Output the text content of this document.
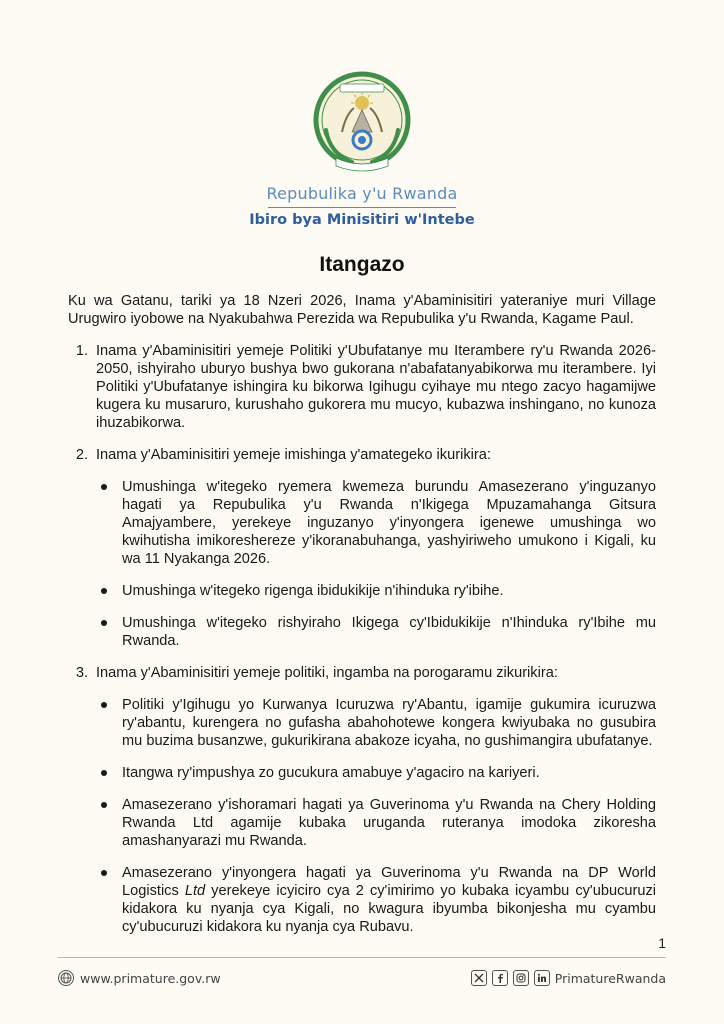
Repubulika y'u Rwanda
Ibiro bya Minisitiri w'Intebe
Itangazo

Ku wa Gatanu, tariki ya 18 Nzeri 2026, Inama y'Abaminisitiri yateraniye muri Village Urugwiro iyobowe na Nyakubahwa Perezida wa Repubulika y'u Rwanda, Kagame Paul.

1. Inama y'Abaminisitiri yemeje Politiki y'Ubufatanye mu Iterambere ry'u Rwanda 2026-2050, ishyiraho uburyo bushya bwo gukorana n'abafatanyabikorwa mu iterambere. Iyi Politiki y'Ubufatanye ishingira ku bikorwa Igihugu cyihaye mu ntego zacyo hagamijwe kugera ku musaruro, kurushaho gukorera mu mucyo, kubazwa inshingano, no kunoza ihuzabikorwa.
2. Inama y'Abaminisitiri yemeje imishinga y'amategeko ikurikira:
Umushinga w'itegeko ryemera kwemeza burundu Amasezerano y'inguzanyo hagati ya Repubulika y'u Rwanda n'Ikigega Mpuzamahanga Gitsura Amajyambere, yerekeye inguzanyo y'inyongera igenewe umushinga wo kwihutisha imikoreshereze y'ikoranabuhanga, yashyiriweho umukono i Kigali, ku wa 11 Nyakanga 2026.
Umushinga w'itegeko rigenga ibidukikije n'ihinduka ry'ibihe.
Umushinga w'itegeko rishyiraho Ikigega cy'Ibidukikije n'Ihinduka ry'Ibihe mu Rwanda.
3. Inama y'Abaminisitiri yemeje politiki, ingamba na porogaramu zikurikira:
Politiki y'Igihugu yo Kurwanya Icuruzwa ry'Abantu, igamije gukumira icuruzwa ry'abantu, kurengera no gufasha abahohotewe kongera kwiyubaka no gusubira mu buzima busanzwe, gukurikirana abakoze icyaha, no gushimangira ubufatanye.
Itangwa ry'impushya zo gucukura amabuye y'agaciro na kariyeri.
Amasezerano y'ishoramari hagati ya Guverinoma y'u Rwanda na Chery Holding Rwanda Ltd agamije kubaka uruganda ruteranya imodoka zikoresha amashanyarazi mu Rwanda.
Amasezerano y'inyongera hagati ya Guverinoma y'u Rwanda na DP World Logistics Ltd yerekeye icyiciro cya 2 cy'imirimo yo kubaka icyambu cy'ubucuruzi kidakora ku nyanja cya Kigali, no kwagura ibyumba bikonjesha mu cyambu cy'ubucuruzi kidakora ku nyanja cya Rubavu.
1
www.primature.gov.rw	PrimatureRwanda
